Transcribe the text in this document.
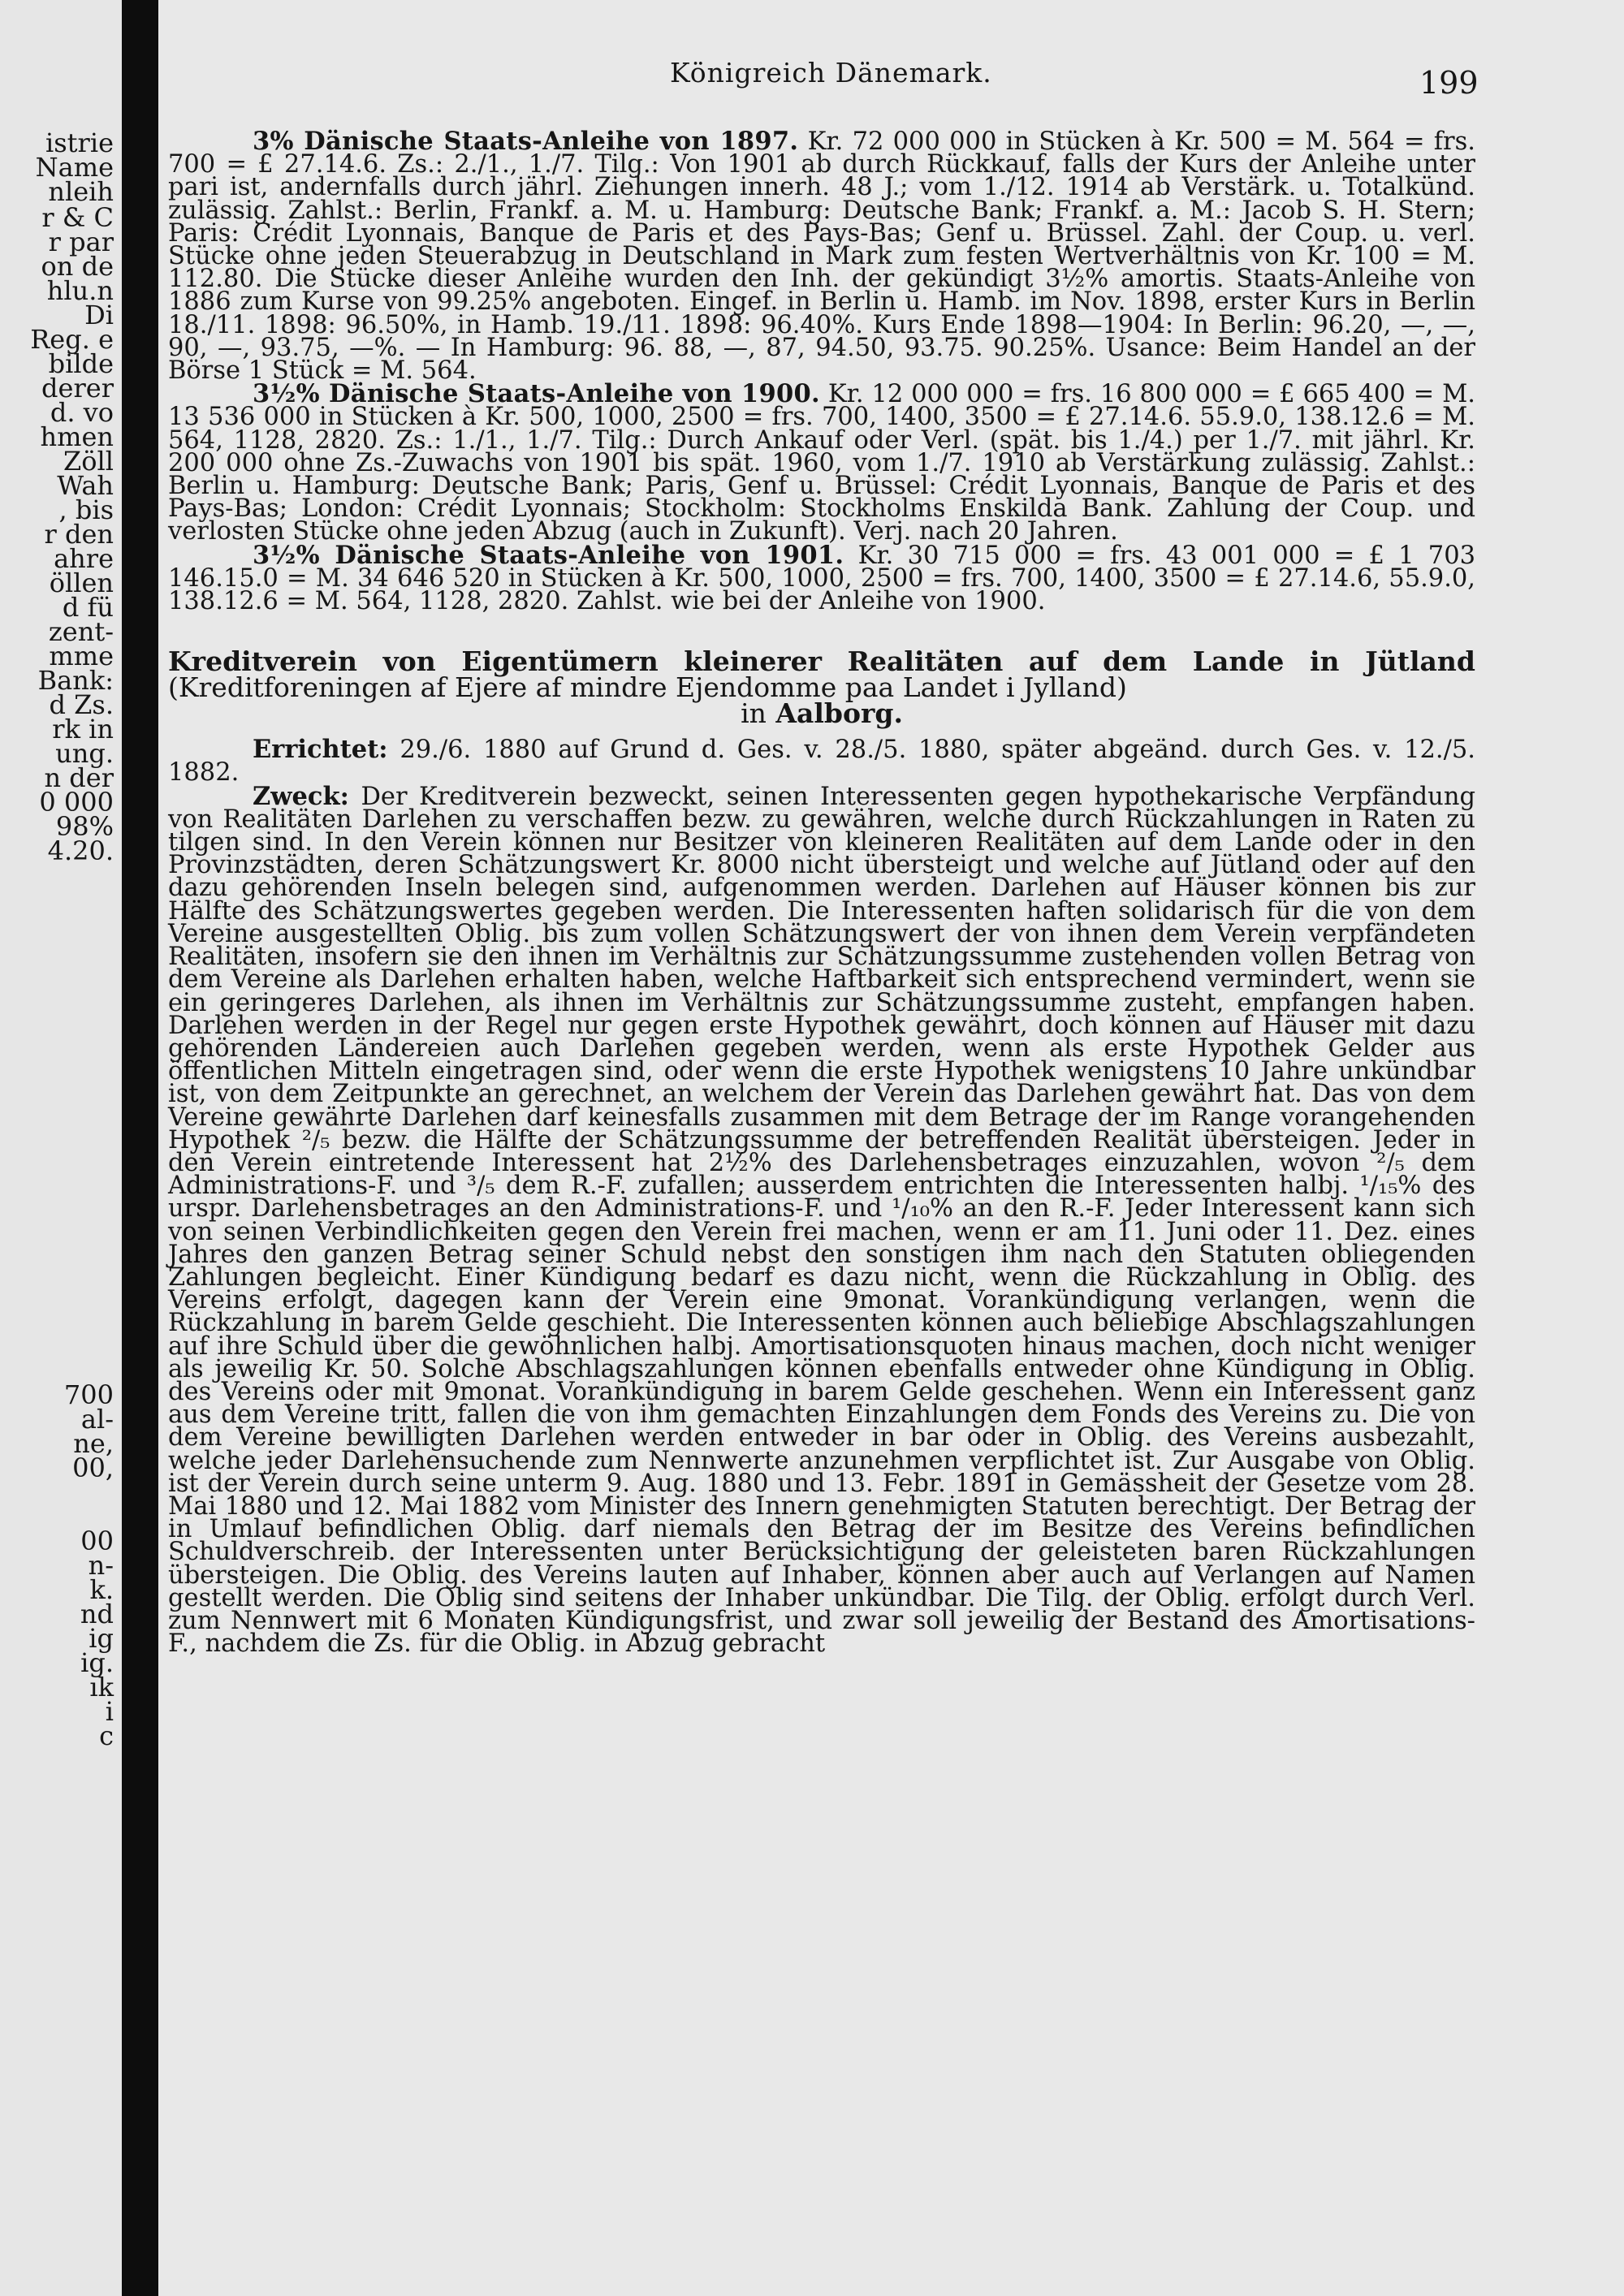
istrie
Name
nleih
r & C
r par
on de
hlu.n
Di
Reg. e
bilde
derer
d. vo
hmen
Zöll
Wah
, bis
r den
ahre
öllen
d fü
zent-
mme
Bank:
d Zs.
rk in
ung.
n der
0 000
98%
4.20.
700
al-
ne,
00,
00
n-
k.
nd
ig
ig.
ık
i
c
Königreich Dänemark.	199

3% Dänische Staats-Anleihe von 1897. Kr. 72 000 000 in Stücken à Kr. 500 = M. 564 = frs. 700 = £ 27.14.6. Zs.: 2./1., 1./7. Tilg.: Von 1901 ab durch Rückkauf, falls der Kurs der Anleihe unter pari ist, andernfalls durch jährl. Ziehungen innerh. 48 J.; vom 1./12. 1914 ab Verstärk. u. Totalkünd. zulässig. Zahlst.: Berlin, Frankf. a. M. u. Hamburg: Deutsche Bank; Frankf. a. M.: Jacob S. H. Stern; Paris: Crédit Lyonnais, Banque de Paris et des Pays-Bas; Genf u. Brüssel. Zahl. der Coup. u. verl. Stücke ohne jeden Steuerabzug in Deutschland in Mark zum festen Wertverhältnis von Kr. 100 = M. 112.80. Die Stücke dieser Anleihe wurden den Inh. der gekündigt 3½% amortis. Staats-Anleihe von 1886 zum Kurse von 99.25% angeboten. Eingef. in Berlin u. Hamb. im Nov. 1898, erster Kurs in Berlin 18./11. 1898: 96.50%, in Hamb. 19./11. 1898: 96.40%. Kurs Ende 1898—1904: In Berlin: 96.20, —, —, 90, —, 93.75, —%. — In Hamburg: 96. 88, —, 87, 94.50, 93.75. 90.25%. Usance: Beim Handel an der Börse 1 Stück = M. 564.

3½% Dänische Staats-Anleihe von 1900. Kr. 12 000 000 = frs. 16 800 000 = £ 665 400 = M. 13 536 000 in Stücken à Kr. 500, 1000, 2500 = frs. 700, 1400, 3500 = £ 27.14.6. 55.9.0, 138.12.6 = M. 564, 1128, 2820. Zs.: 1./1., 1./7. Tilg.: Durch Ankauf oder Verl. (spät. bis 1./4.) per 1./7. mit jährl. Kr. 200 000 ohne Zs.-Zuwachs von 1901 bis spät. 1960, vom 1./7. 1910 ab Verstärkung zulässig. Zahlst.: Berlin u. Hamburg: Deutsche Bank; Paris, Genf u. Brüssel: Crédit Lyonnais, Banque de Paris et des Pays-Bas; London: Crédit Lyonnais; Stockholm: Stockholms Enskilda Bank. Zahlung der Coup. und verlosten Stücke ohne jeden Abzug (auch in Zukunft). Verj. nach 20 Jahren.

3½% Dänische Staats-Anleihe von 1901. Kr. 30 715 000 = frs. 43 001 000 = £ 1 703 146.15.0 = M. 34 646 520 in Stücken à Kr. 500, 1000, 2500 = frs. 700, 1400, 3500 = £ 27.14.6, 55.9.0, 138.12.6 = M. 564, 1128, 2820. Zahlst. wie bei der Anleihe von 1900.

Kreditverein von Eigentümern kleinerer Realitäten auf dem Lande in Jütland (Kreditforeningen af Ejere af mindre Ejendomme paa Landet i Jylland)
in Aalborg.

Errichtet: 29./6. 1880 auf Grund d. Ges. v. 28./5. 1880, später abgeänd. durch Ges. v. 12./5. 1882.

Zweck: Der Kreditverein bezweckt, seinen Interessenten gegen hypothekarische Verpfändung von Realitäten Darlehen zu verschaffen bezw. zu gewähren, welche durch Rückzahlungen in Raten zu tilgen sind. In den Verein können nur Besitzer von kleineren Realitäten auf dem Lande oder in den Provinzstädten, deren Schätzungswert Kr. 8000 nicht übersteigt und welche auf Jütland oder auf den dazu gehörenden Inseln belegen sind, aufgenommen werden. Darlehen auf Häuser können bis zur Hälfte des Schätzungswertes gegeben werden. Die Interessenten haften solidarisch für die von dem Vereine ausgestellten Oblig. bis zum vollen Schätzungswert der von ihnen dem Verein verpfändeten Realitäten, insofern sie den ihnen im Verhältnis zur Schätzungssumme zustehenden vollen Betrag von dem Vereine als Darlehen erhalten haben, welche Haftbarkeit sich entsprechend vermindert, wenn sie ein geringeres Darlehen, als ihnen im Verhältnis zur Schätzungssumme zusteht, empfangen haben. Darlehen werden in der Regel nur gegen erste Hypothek gewährt, doch können auf Häuser mit dazu gehörenden Ländereien auch Darlehen gegeben werden, wenn als erste Hypothek Gelder aus öffentlichen Mitteln eingetragen sind, oder wenn die erste Hypothek wenigstens 10 Jahre unkündbar ist, von dem Zeitpunkte an gerechnet, an welchem der Verein das Darlehen gewährt hat. Das von dem Vereine gewährte Darlehen darf keinesfalls zusammen mit dem Betrage der im Range vorangehenden Hypothek ²/₅ bezw. die Hälfte der Schätzungssumme der betreffenden Realität übersteigen. Jeder in den Verein eintretende Interessent hat 2½% des Darlehensbetrages einzuzahlen, wovon ²/₅ dem Administrations-F. und ³/₅ dem R.-F. zufallen; ausserdem entrichten die Interessenten halbj. ¹/₁₅% des urspr. Darlehensbetrages an den Administrations-F. und ¹/₁₀% an den R.-F. Jeder Interessent kann sich von seinen Verbindlichkeiten gegen den Verein frei machen, wenn er am 11. Juni oder 11. Dez. eines Jahres den ganzen Betrag seiner Schuld nebst den sonstigen ihm nach den Statuten obliegenden Zahlungen begleicht. Einer Kündigung bedarf es dazu nicht, wenn die Rückzahlung in Oblig. des Vereins erfolgt, dagegen kann der Verein eine 9monat. Vorankündigung verlangen, wenn die Rückzahlung in barem Gelde geschieht. Die Interessenten können auch beliebige Abschlagszahlungen auf ihre Schuld über die gewöhnlichen halbj. Amortisationsquoten hinaus machen, doch nicht weniger als jeweilig Kr. 50. Solche Abschlagszahlungen können ebenfalls entweder ohne Kündigung in Oblig. des Vereins oder mit 9monat. Vorankündigung in barem Gelde geschehen. Wenn ein Interessent ganz aus dem Vereine tritt, fallen die von ihm gemachten Einzahlungen dem Fonds des Vereins zu. Die von dem Vereine bewilligten Darlehen werden entweder in bar oder in Oblig. des Vereins ausbezahlt, welche jeder Darlehensuchende zum Nennwerte anzunehmen verpflichtet ist. Zur Ausgabe von Oblig. ist der Verein durch seine unterm 9. Aug. 1880 und 13. Febr. 1891 in Gemässheit der Gesetze vom 28. Mai 1880 und 12. Mai 1882 vom Minister des Innern genehmigten Statuten berechtigt. Der Betrag der in Umlauf befindlichen Oblig. darf niemals den Betrag der im Besitze des Vereins befindlichen Schuldverschreib. der Interessenten unter Berücksichtigung der geleisteten baren Rückzahlungen übersteigen. Die Oblig. des Vereins lauten auf Inhaber, können aber auch auf Verlangen auf Namen gestellt werden. Die Oblig sind seitens der Inhaber unkündbar. Die Tilg. der Oblig. erfolgt durch Verl. zum Nennwert mit 6 Monaten Kündigungsfrist, und zwar soll jeweilig der Bestand des Amortisations-F., nachdem die Zs. für die Oblig. in Abzug gebracht
